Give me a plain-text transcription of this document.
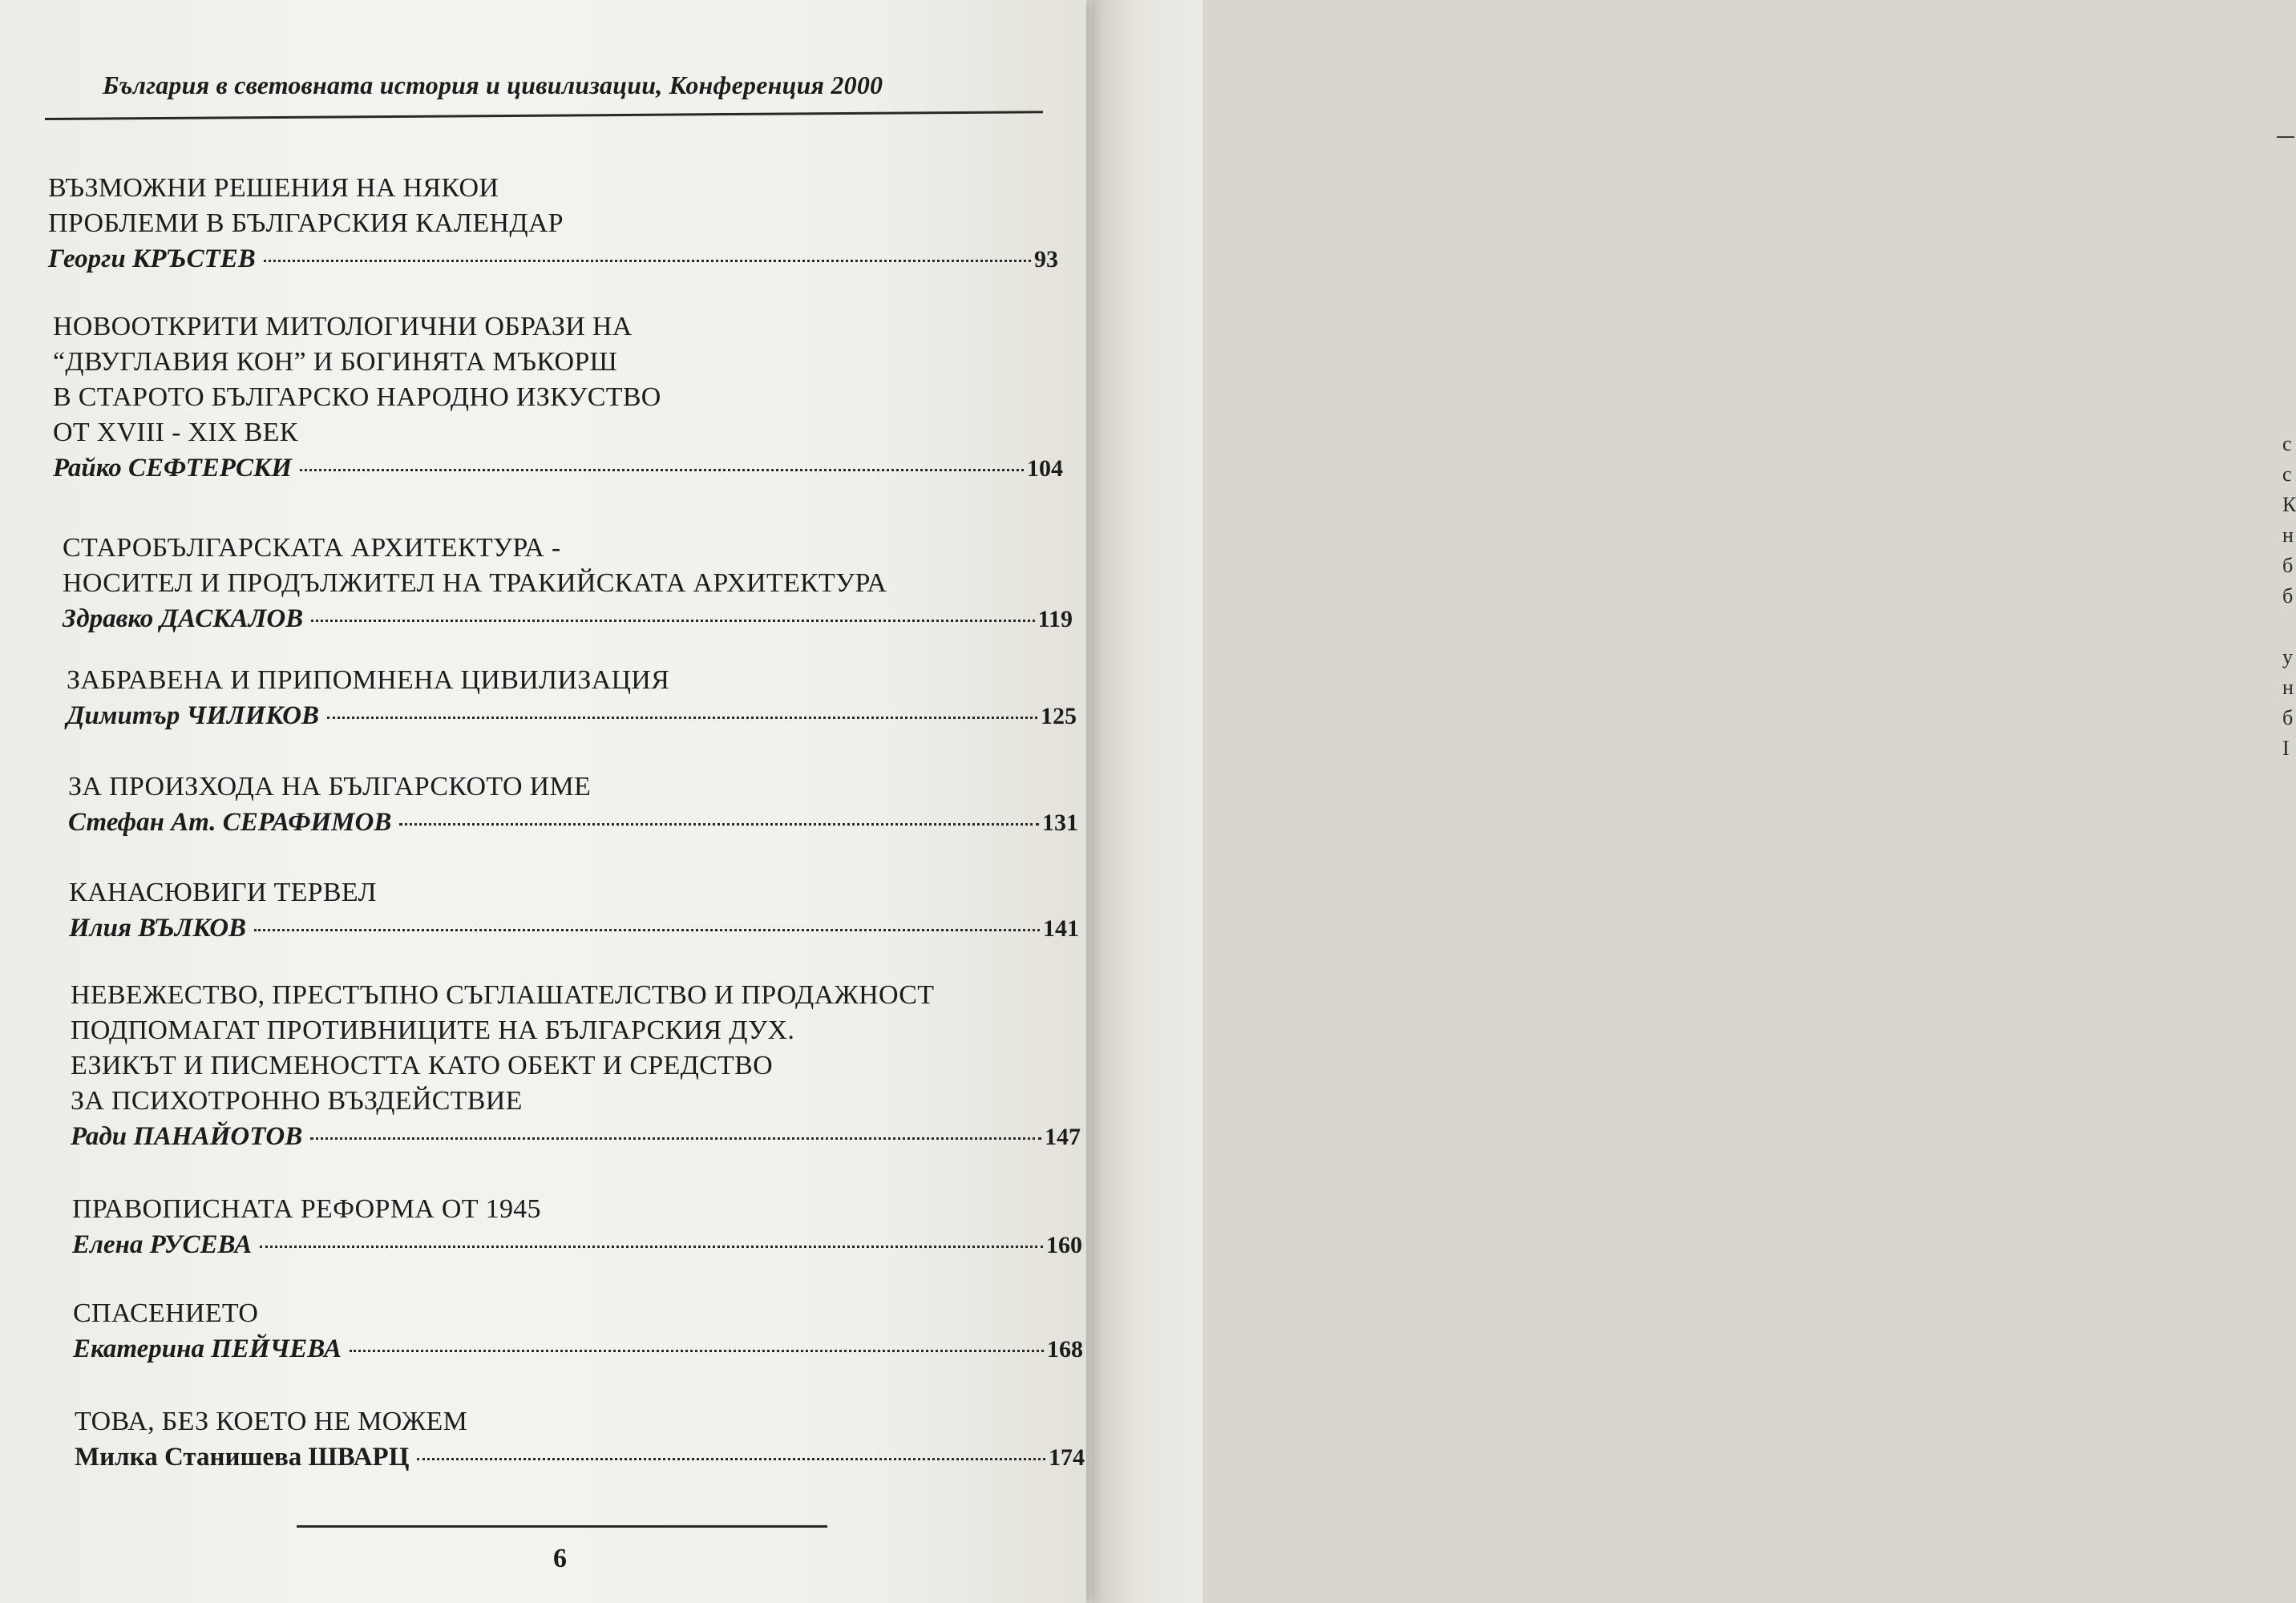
с
с
К
н
б
б

у
н
б
I
България в световната история и цивилизации, Конференция 2000
ВЪЗМОЖНИ РЕШЕНИЯ НА НЯКОИ
ПРОБЛЕМИ В БЪЛГАРСКИЯ КАЛЕНДАР
Георги КРЪСТЕВ	93
НОВООТКРИТИ МИТОЛОГИЧНИ ОБРАЗИ НА
“ДВУГЛАВИЯ КОН” И БОГИНЯТА МЪКОРШ
В СТАРОТО БЪЛГАРСКО НАРОДНО ИЗКУСТВО
ОТ XVIII - XIX ВЕК
Райко СЕФТЕРСКИ	104
СТАРОБЪЛГАРСКАТА АРХИТЕКТУРА -
НОСИТЕЛ И ПРОДЪЛЖИТЕЛ НА ТРАКИЙСКАТА АРХИТЕКТУРА
Здравко ДАСКАЛОВ	119
ЗАБРАВЕНА И ПРИПОМНЕНА ЦИВИЛИЗАЦИЯ
Димитър ЧИЛИКОВ	125
ЗА ПРОИЗХОДА НА БЪЛГАРСКОТО ИМЕ
Стефан Ат. СЕРАФИМОВ	131
КАНАСЮВИГИ ТЕРВЕЛ
Илия ВЪЛКОВ	141
НЕВЕЖЕСТВО, ПРЕСТЪПНО СЪГЛАШАТЕЛСТВО И ПРОДАЖНОСТ
ПОДПОМАГАТ ПРОТИВНИЦИТЕ НА БЪЛГАРСКИЯ ДУХ.
ЕЗИКЪТ И ПИСМЕНОСТТА КАТО ОБЕКТ И СРЕДСТВО
ЗА ПСИХОТРОННО ВЪЗДЕЙСТВИЕ
Ради ПАНАЙОТОВ	147
ПРАВОПИСНАТА РЕФОРМА ОТ 1945
Елена РУСЕВА	160
СПАСЕНИЕТО
Екатерина ПЕЙЧЕВА	168
ТОВА, БЕЗ КОЕТО НЕ МОЖЕМ
Милка Станишева ШВАРЦ	174
6
